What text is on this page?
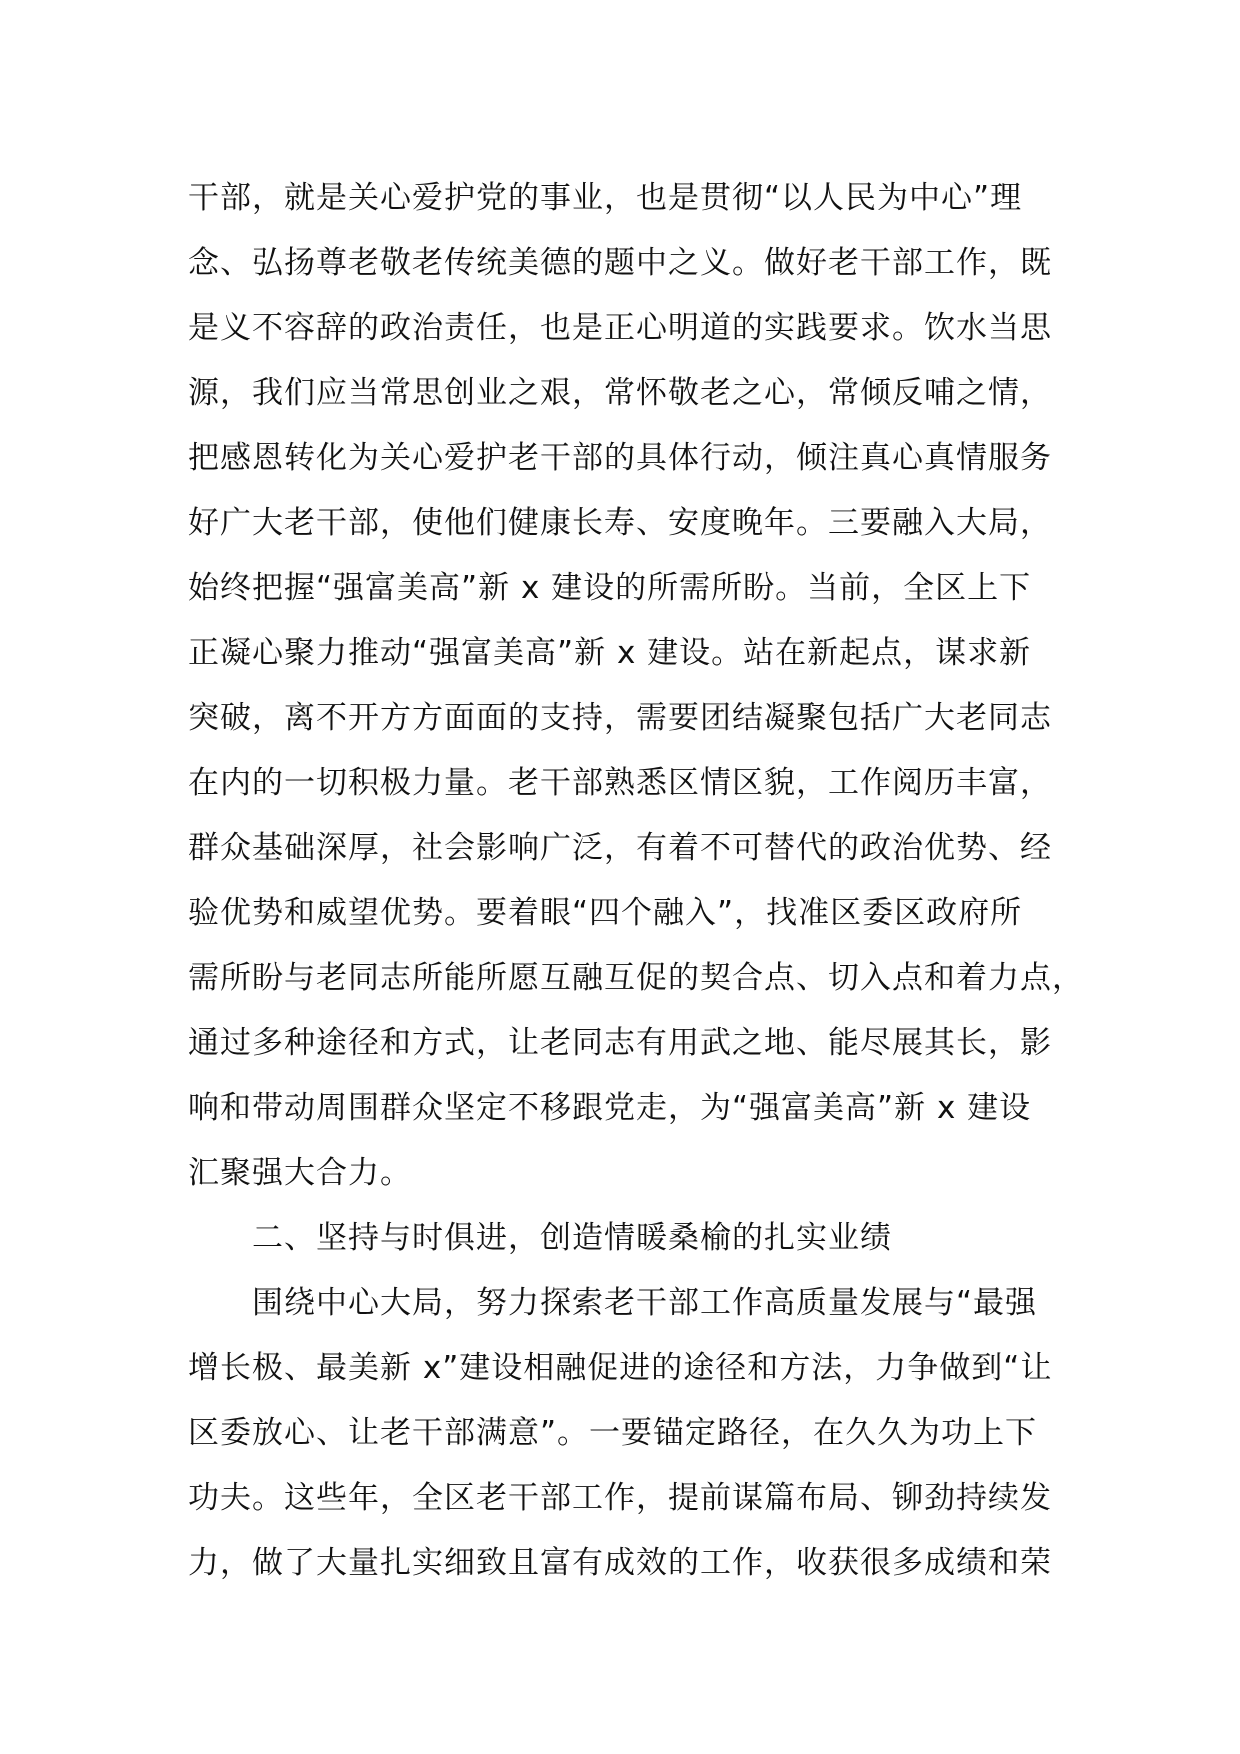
干部，就是关心爱护党的事业，也是贯彻“以人民为中心”理
念、弘扬尊老敬老传统美德的题中之义。做好老干部工作，既
是义不容辞的政治责任，也是正心明道的实践要求。饮水当思
源，我们应当常思创业之艰，常怀敬老之心，常倾反哺之情，
把感恩转化为关心爱护老干部的具体行动，倾注真心真情服务
好广大老干部，使他们健康长寿、安度晚年。三要融入大局，
始终把握“强富美高”新 x 建设的所需所盼。当前，全区上下
正凝心聚力推动“强富美高”新 x 建设。站在新起点，谋求新
突破，离不开方方面面的支持，需要团结凝聚包括广大老同志
在内的一切积极力量。老干部熟悉区情区貌，工作阅历丰富，
群众基础深厚，社会影响广泛，有着不可替代的政治优势、经
验优势和威望优势。要着眼“四个融入”，找准区委区政府所
需所盼与老同志所能所愿互融互促的契合点、切入点和着力点，
通过多种途径和方式，让老同志有用武之地、能尽展其长，影
响和带动周围群众坚定不移跟党走，为“强富美高”新 x 建设
汇聚强大合力。
二、坚持与时俱进，创造情暖桑榆的扎实业绩
围绕中心大局，努力探索老干部工作高质量发展与“最强
增长极、最美新 x”建设相融促进的途径和方法，力争做到“让
区委放心、让老干部满意”。一要锚定路径，在久久为功上下
功夫。这些年，全区老干部工作，提前谋篇布局、铆劲持续发
力，做了大量扎实细致且富有成效的工作，收获很多成绩和荣
